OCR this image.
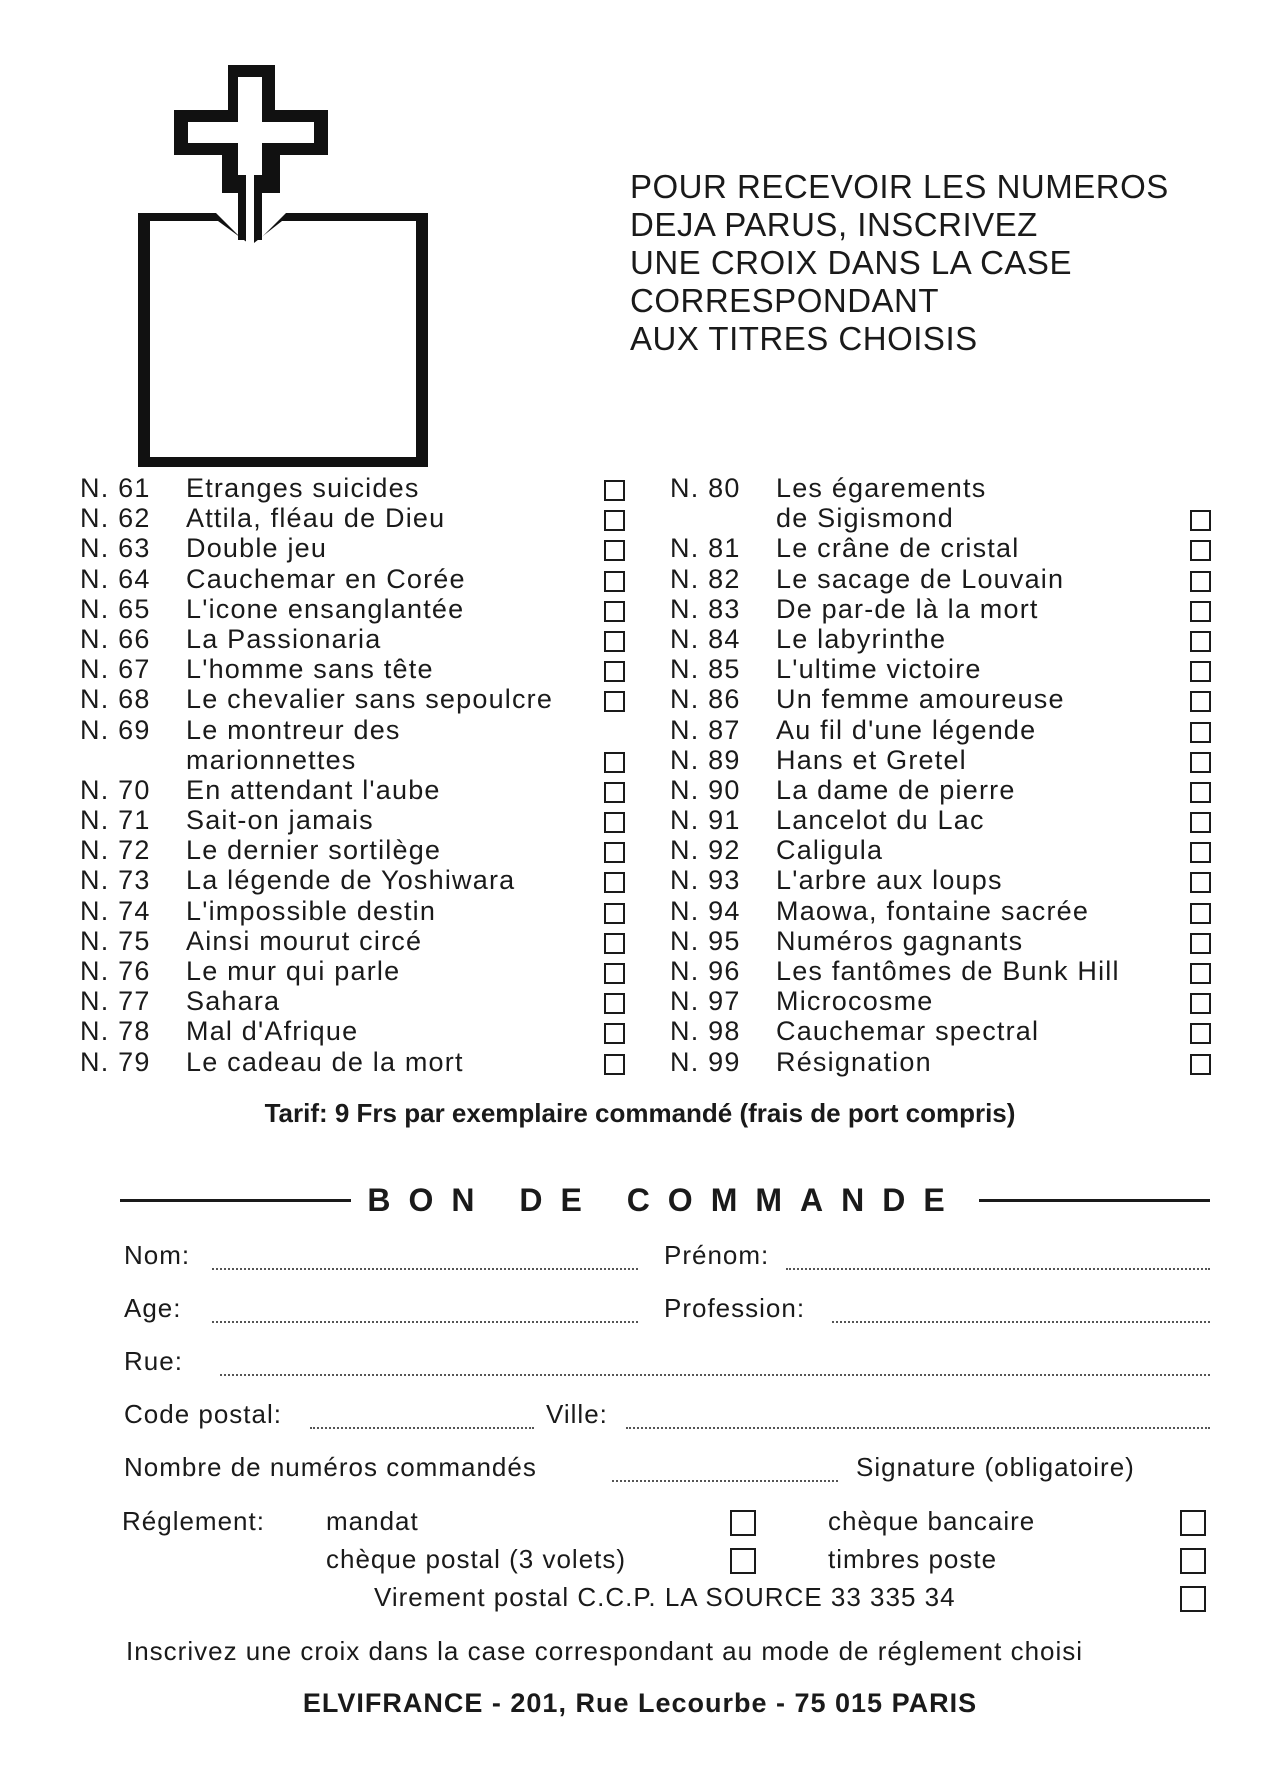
POUR RECEVOIR LES NUMEROS
DEJA PARUS, INSCRIVEZ
UNE CROIX DANS LA CASE
CORRESPONDANT
AUX TITRES CHOISIS
N. 61 Etranges suicides
N. 62 Attila, fléau de Dieu
N. 63 Double jeu
N. 64 Cauchemar en Corée
N. 65 L'icone ensanglantée
N. 66 La Passionaria
N. 67 L'homme sans tête
N. 68 Le chevalier sans sepoulcre
N. 69 Le montreur des
marionnettes
N. 70 En attendant l'aube
N. 71 Sait-on jamais
N. 72 Le dernier sortilège
N. 73 La légende de Yoshiwara
N. 74 L'impossible destin
N. 75 Ainsi mourut circé
N. 76 Le mur qui parle
N. 77 Sahara
N. 78 Mal d'Afrique
N. 79 Le cadeau de la mort
N. 80 Les égarements
de Sigismond
N. 81 Le crâne de cristal
N. 82 Le sacage de Louvain
N. 83 De par-de là la mort
N. 84 Le labyrinthe
N. 85 L'ultime victoire
N. 86 Un femme amoureuse
N. 87 Au fil d'une légende
N. 89 Hans et Gretel
N. 90 La dame de pierre
N. 91 Lancelot du Lac
N. 92 Caligula
N. 93 L'arbre aux loups
N. 94 Maowa, fontaine sacrée
N. 95 Numéros gagnants
N. 96 Les fantômes de Bunk Hill
N. 97 Microcosme
N. 98 Cauchemar spectral
N. 99 Résignation
Tarif: 9 Frs par exemplaire commandé (frais de port compris)
BON DE COMMANDE
Nom:	Prénom:
Age:	Profession:
Rue:
Code postal:	Ville:
Nombre de numéros commandés	Signature (obligatoire)
Réglement: mandat	chèque bancaire
chèque postal (3 volets)	timbres poste
Virement postal C.C.P. LA SOURCE 33 335 34
Inscrivez une croix dans la case correspondant au mode de réglement choisi
ELVIFRANCE - 201, Rue Lecourbe - 75 015 PARIS
